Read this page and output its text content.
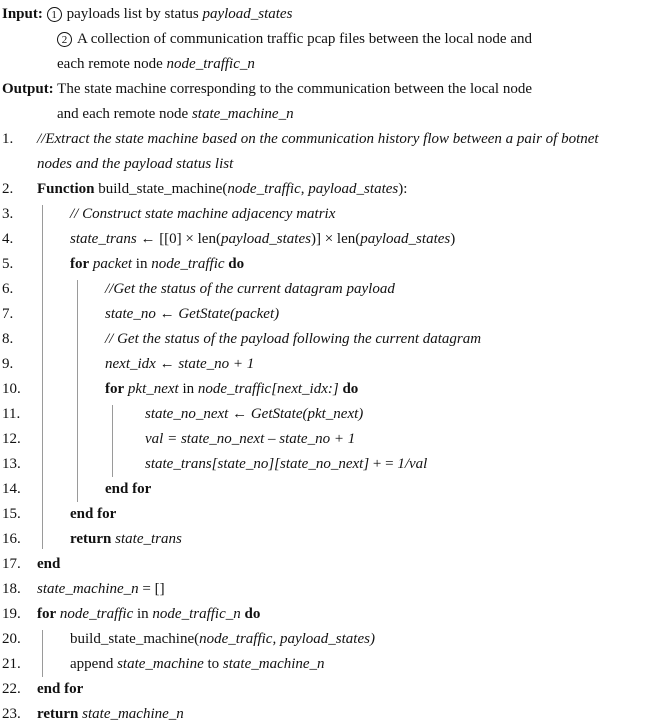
Input: 1 payloads list by status payload_states
2 A collection of communication traffic pcap files between the local node and
each remote node node_traffic_n
Output: The state machine corresponding to the communication between the local node
and each remote node state_machine_n
1.	//Extract the state machine based on the communication history flow between a pair of botnet
nodes and the payload status list
2.	Function build_state_machine(node_traffic, payload_states):
3.	// Construct state machine adjacency matrix
4.	state_trans ← [[0] × len(payload_states)] × len(payload_states)
5.	for packet in node_traffic do
6.	//Get the status of the current datagram payload
7.	state_no ← GetState(packet)
8.	// Get the status of the payload following the current datagram
9.	next_idx ← state_no + 1
10.	for pkt_next in node_traffic[next_idx:] do
11.	state_no_next ← GetState(pkt_next)
12.	val = state_no_next – state_no + 1
13.	state_trans[state_no][state_no_next] + = 1/val
14.	end for
15.	end for
16.	return state_trans
17.	end
18.	state_machine_n = []
19.	for node_traffic in node_traffic_n do
20.	build_state_machine(node_traffic, payload_states)
21.	append state_machine to state_machine_n
22.	end for
23.	return state_machine_n
